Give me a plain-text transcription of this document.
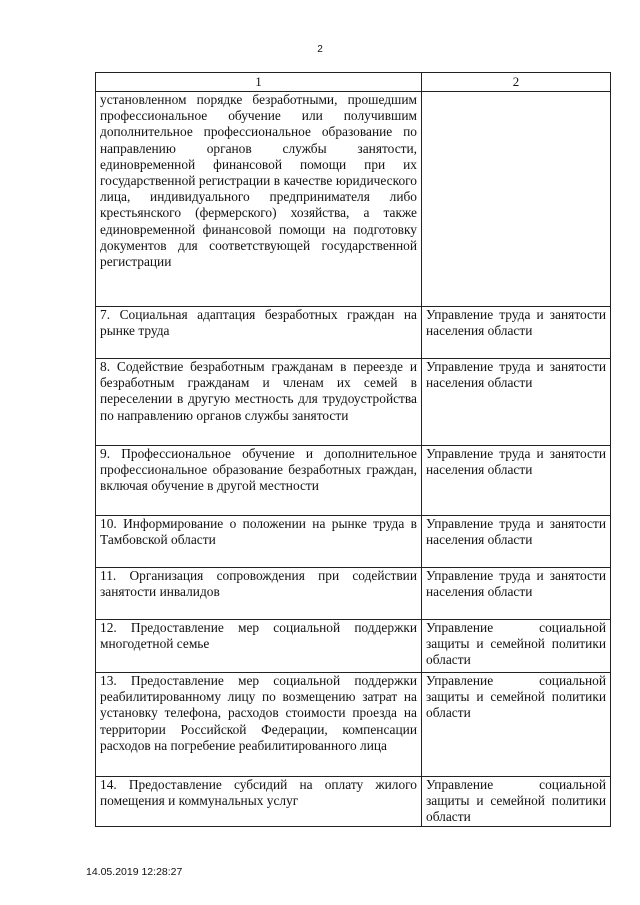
2
1	2
установленном порядке безработными, прошедшим профессиональное обучение или получившим дополнительное профессиональное образование по направлению органов службы занятости, единовременной финансовой помощи при их государственной регистрации в качестве юридического лица, индивидуального предпринимателя либо крестьянского (фермерского) хозяйства, а также единовременной финансовой помощи на подготовку документов для соответствующей государственной регистрации	
7. Социальная адаптация безработных граждан на рынке труда	Управление труда и занятости населения области
8. Содействие безработным гражданам в переезде и безработным гражданам и членам их семей в переселении в другую местность для трудоустройства по направлению органов службы занятости	Управление труда и занятости населения области
9. Профессиональное обучение и дополнительное профессиональное образование безработных граждан, включая обучение в другой местности	Управление труда и занятости населения области
10. Информирование о положении на рынке труда в Тамбовской области	Управление труда и занятости населения области
11. Организация сопровождения при содействии занятости инвалидов	Управление труда и занятости населения области
12. Предоставление мер социальной поддержки многодетной семье	Управление социальной защиты и семейной политики области
13. Предоставление мер социальной поддержки реабилитированному лицу по возмещению затрат на установку телефона, расходов стоимости проезда на территории Российской Федерации, компенсации расходов на погребение реабилитированного лица	Управление социальной защиты и семейной политики области
14. Предоставление субсидий на оплату жилого помещения и коммунальных услуг	Управление социальной защиты и семейной политики области
14.05.2019 12:28:27
